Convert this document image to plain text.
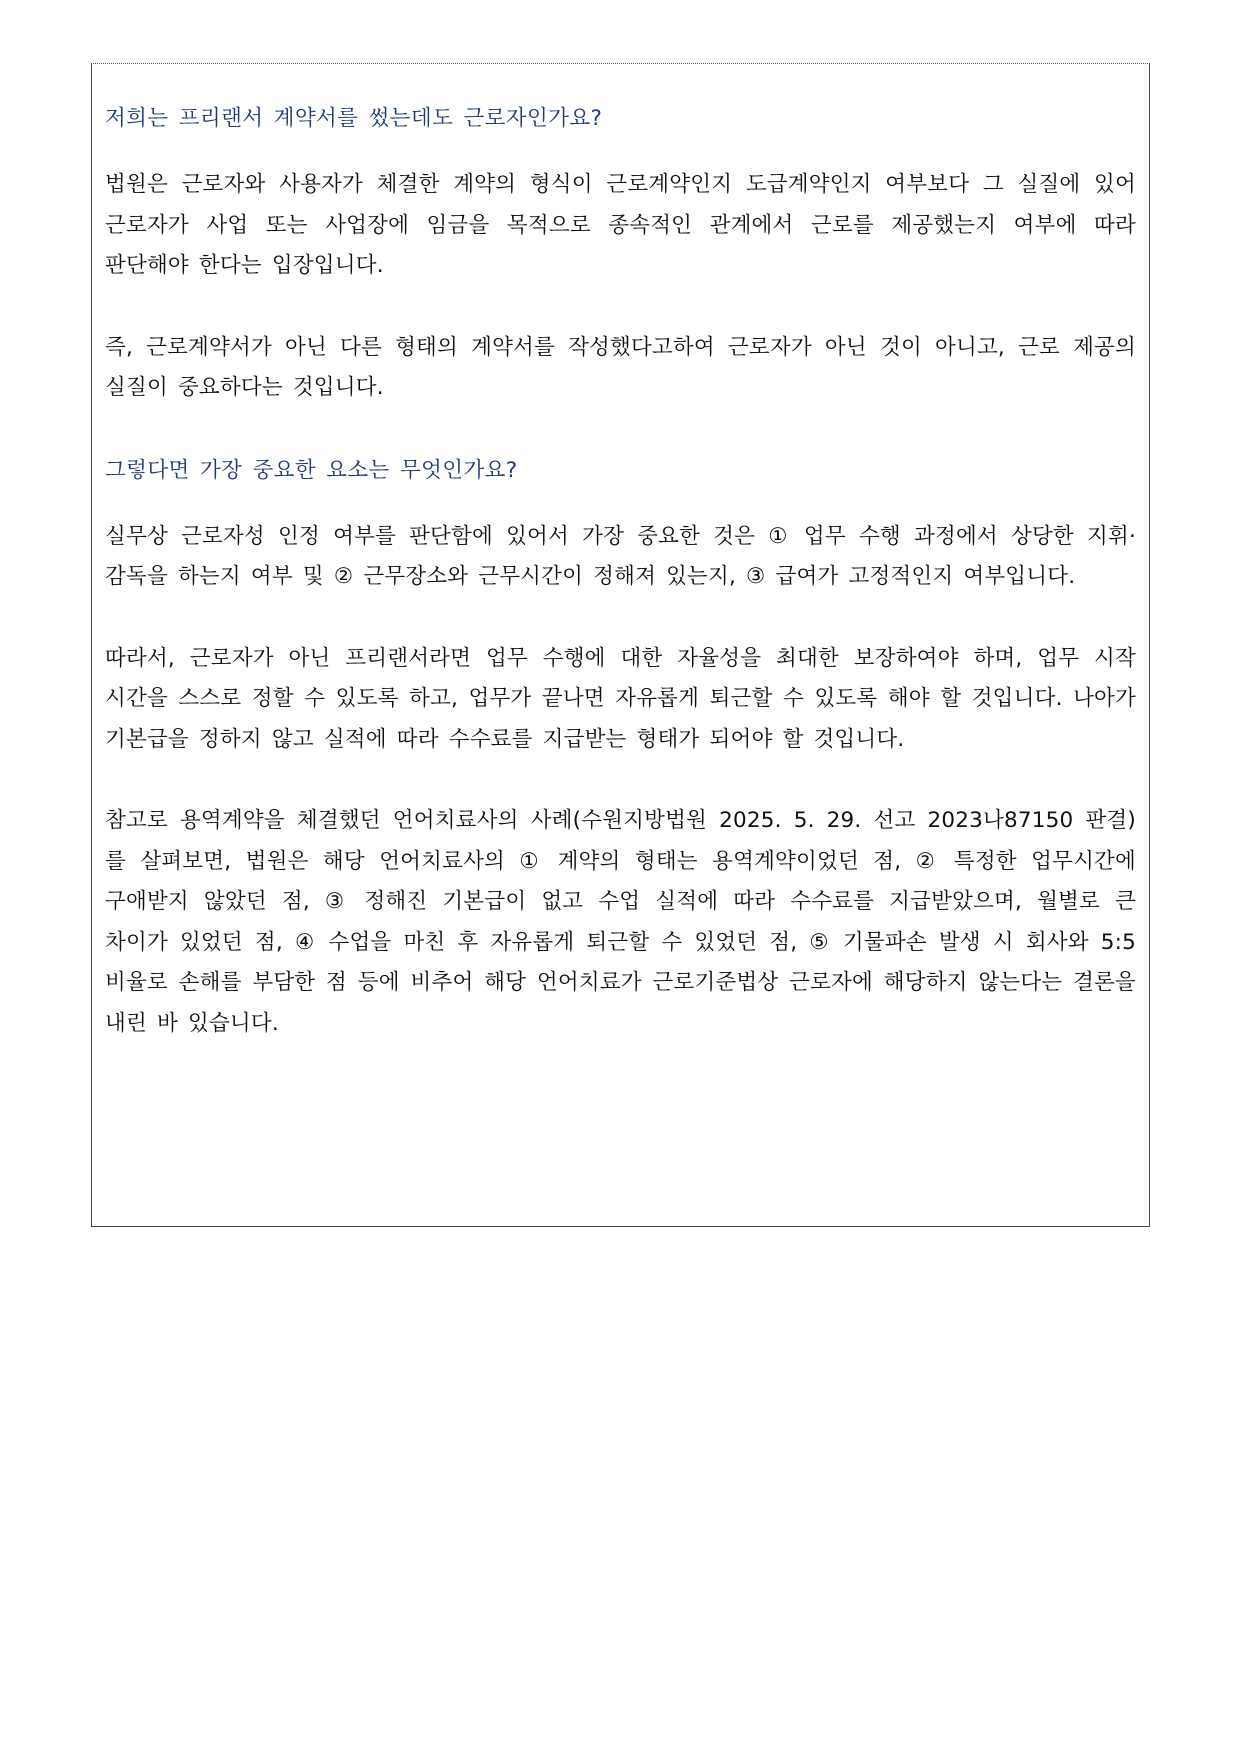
저희는 프리랜서 계약서를 썼는데도 근로자인가요?

법원은 근로자와 사용자가 체결한 계약의 형식이 근로계약인지 도급계약인지 여부보다 그 실질에 있어 근로자가 사업 또는 사업장에 임금을 목적으로 종속적인 관계에서 근로를 제공했는지 여부에 따라 판단해야 한다는 입장입니다.

즉, 근로계약서가 아닌 다른 형태의 계약서를 작성했다고하여 근로자가 아닌 것이 아니고, 근로 제공의 실질이 중요하다는 것입니다.

그렇다면 가장 중요한 요소는 무엇인가요?

실무상 근로자성 인정 여부를 판단함에 있어서 가장 중요한 것은 ① 업무 수행 과정에서 상당한 지휘·감독을 하는지 여부 및 ② 근무장소와 근무시간이 정해져 있는지, ③ 급여가 고정적인지 여부입니다.

따라서, 근로자가 아닌 프리랜서라면 업무 수행에 대한 자율성을 최대한 보장하여야 하며, 업무 시작 시간을 스스로 정할 수 있도록 하고, 업무가 끝나면 자유롭게 퇴근할 수 있도록 해야 할 것입니다. 나아가 기본급을 정하지 않고 실적에 따라 수수료를 지급받는 형태가 되어야 할 것입니다.

참고로 용역계약을 체결했던 언어치료사의 사례(수원지방법원 2025. 5. 29. 선고 2023나87150 판결)를 살펴보면, 법원은 해당 언어치료사의 ① 계약의 형태는 용역계약이었던 점, ② 특정한 업무시간에 구애받지 않았던 점, ③ 정해진 기본급이 없고 수업 실적에 따라 수수료를 지급받았으며, 월별로 큰 차이가 있었던 점, ④ 수업을 마친 후 자유롭게 퇴근할 수 있었던 점, ⑤ 기물파손 발생 시 회사와 5:5 비율로 손해를 부담한 점 등에 비추어 해당 언어치료가 근로기준법상 근로자에 해당하지 않는다는 결론을 내린 바 있습니다.
